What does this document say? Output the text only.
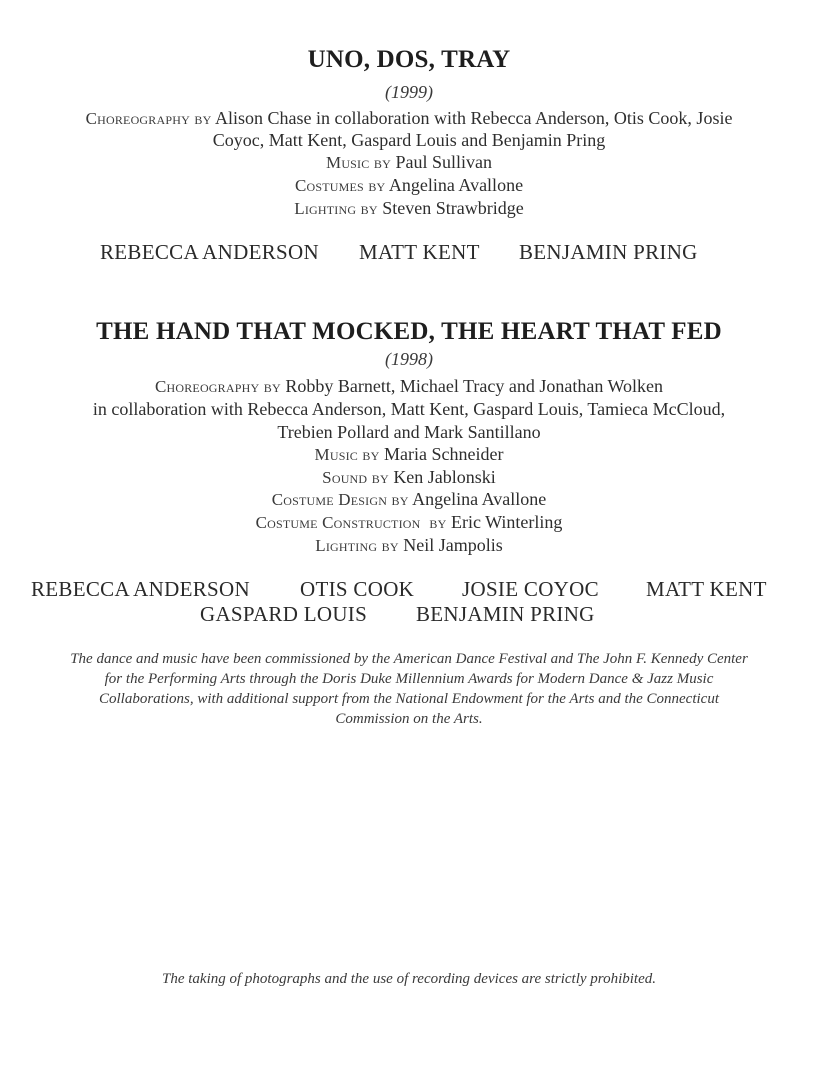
UNO, DOS, TRAY
(1999)
Choreography by Alison Chase in collaboration with Rebecca Anderson, Otis Cook, Josie
Coyoc, Matt Kent, Gaspard Louis and Benjamin Pring
Music by Paul Sullivan
Costumes by Angelina Avallone
Lighting by Steven Strawbridge
REBECCA ANDERSON MATT KENT BENJAMIN PRING
THE HAND THAT MOCKED, THE HEART THAT FED
(1998)
Choreography by Robby Barnett, Michael Tracy and Jonathan Wolken
in collaboration with Rebecca Anderson, Matt Kent, Gaspard Louis, Tamieca McCloud,
Trebien Pollard and Mark Santillano
Music by Maria Schneider
Sound by Ken Jablonski
Costume Design by Angelina Avallone
Costume Construction  by Eric Winterling
Lighting by Neil Jampolis
REBECCA ANDERSON OTIS COOK JOSIE COYOC MATT KENT
GASPARD LOUIS BENJAMIN PRING
The dance and music have been commissioned by the American Dance Festival and The John F. Kennedy Center
for the Performing Arts through the Doris Duke Millennium Awards for Modern Dance & Jazz Music
Collaborations, with additional support from the National Endowment for the Arts and the Connecticut
Commission on the Arts.
The taking of photographs and the use of recording devices are strictly prohibited.
